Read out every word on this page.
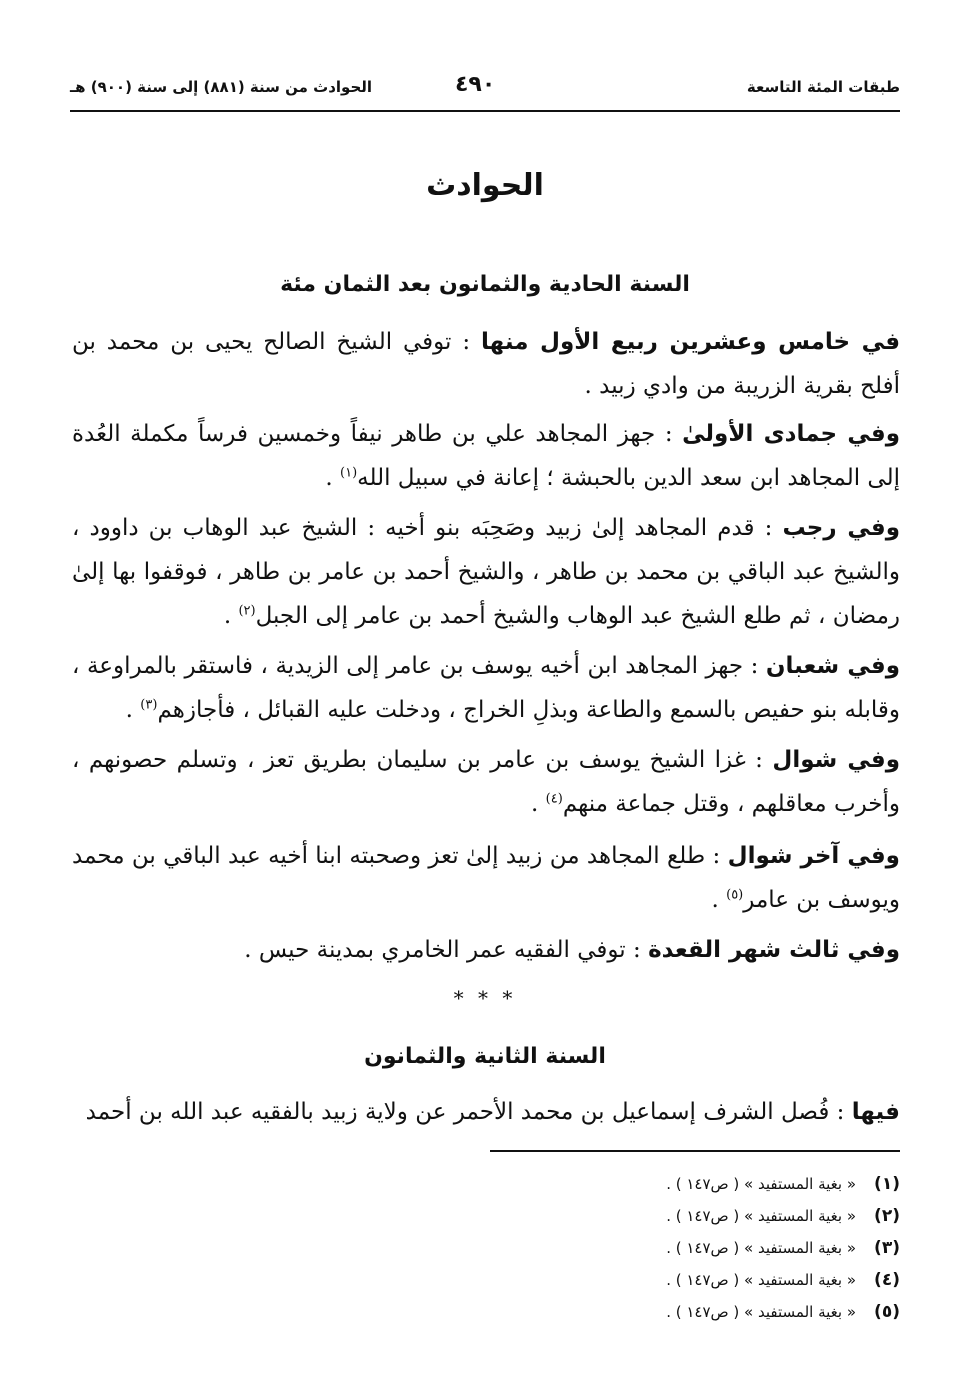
طبقات المئة التاسعة
٤٩٠
الحوادث من سنة (٨٨١) إلى سنة (٩٠٠) هـ
الحوادث
السنة الحادية والثمانون بعد الثمان مئة
في خامس وعشرين ربيع الأول منها : توفي الشيخ الصالح يحيى بن محمد بن أفلح بقرية الزريبة من وادي زبيد .
وفي جمادى الأولىٰ : جهز المجاهد علي بن طاهر نيفاً وخمسين فرساً مكملة العُدة إلى المجاهد ابن سعد الدين بالحبشة ؛ إعانة في سبيل الله$^{(١)}$ .
وفي رجب : قدم المجاهد إلىٰ زبيد وصَحِبَه بنو أخيه : الشيخ عبد الوهاب بن داوود ، والشيخ عبد الباقي بن محمد بن طاهر ، والشيخ أحمد بن عامر بن طاهر ، فوقفوا بها إلىٰ رمضان ، ثم طلع الشيخ عبد الوهاب والشيخ أحمد بن عامر إلى الجبل$^{(٢)}$ .
وفي شعبان : جهز المجاهد ابن أخيه يوسف بن عامر إلى الزيدية ، فاستقر بالمراوعة ، وقابله بنو حفيص بالسمع والطاعة وبذلِ الخراج ، ودخلت عليه القبائل ، فأجازهم$^{(٣)}$ .
وفي شوال : غزا الشيخ يوسف بن عامر بن سليمان بطريق تعز ، وتسلم حصونهم ، وأخرب معاقلهم ، وقتل جماعة منهم$^{(٤)}$ .
وفي آخر شوال : طلع المجاهد من زبيد إلىٰ تعز وصحبته ابنا أخيه عبد الباقي بن محمد ويوسف بن عامر$^{(٥)}$ .
وفي ثالث شهر القعدة : توفي الفقيه عمر الخامري بمدينة حيس .
* * *
السنة الثانية والثمانون
فيها : فُصل الشرف إسماعيل بن محمد الأحمر عن ولاية زبيد بالفقيه عبد الله بن أحمد
(١)« بغية المستفيد » ( ص١٤٧ ) .
(٢)« بغية المستفيد » ( ص١٤٧ ) .
(٣)« بغية المستفيد » ( ص١٤٧ ) .
(٤)« بغية المستفيد » ( ص١٤٧ ) .
(٥)« بغية المستفيد » ( ص١٤٧ ) .
